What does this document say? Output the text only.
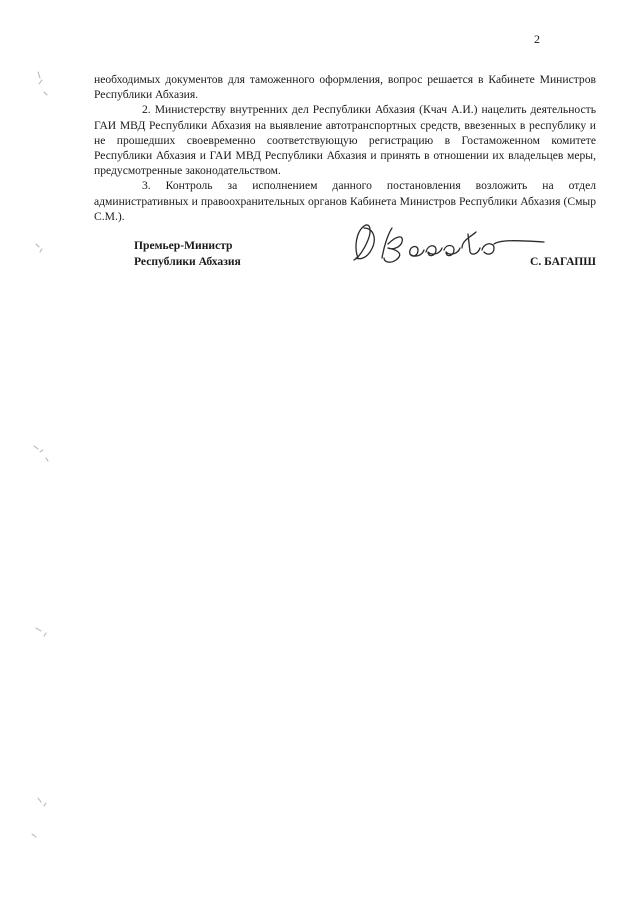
2

необходимых документов для таможенного оформления, вопрос решается в Кабинете Министров Республики Абхазия.

2. Министерству внутренних дел Республики Абхазия (Кчач А.И.) нацелить деятельность ГАИ МВД Республики Абхазия на выявление автотранспортных средств, ввезенных в республику и не прошедших своевременно соответствующую регистрацию в Гостаможенном комитете Республики Абхазия и ГАИ МВД Республики Абхазия и принять в отношении их владельцев меры, предусмотренные законодательством.

3. Контроль за исполнением данного постановления возложить на отдел административных и правоохранительных органов Кабинета Министров Республики Абхазия (Смыр С.М.).

Премьер-Министр
Республики Абхазия	С. БАГАПШ
